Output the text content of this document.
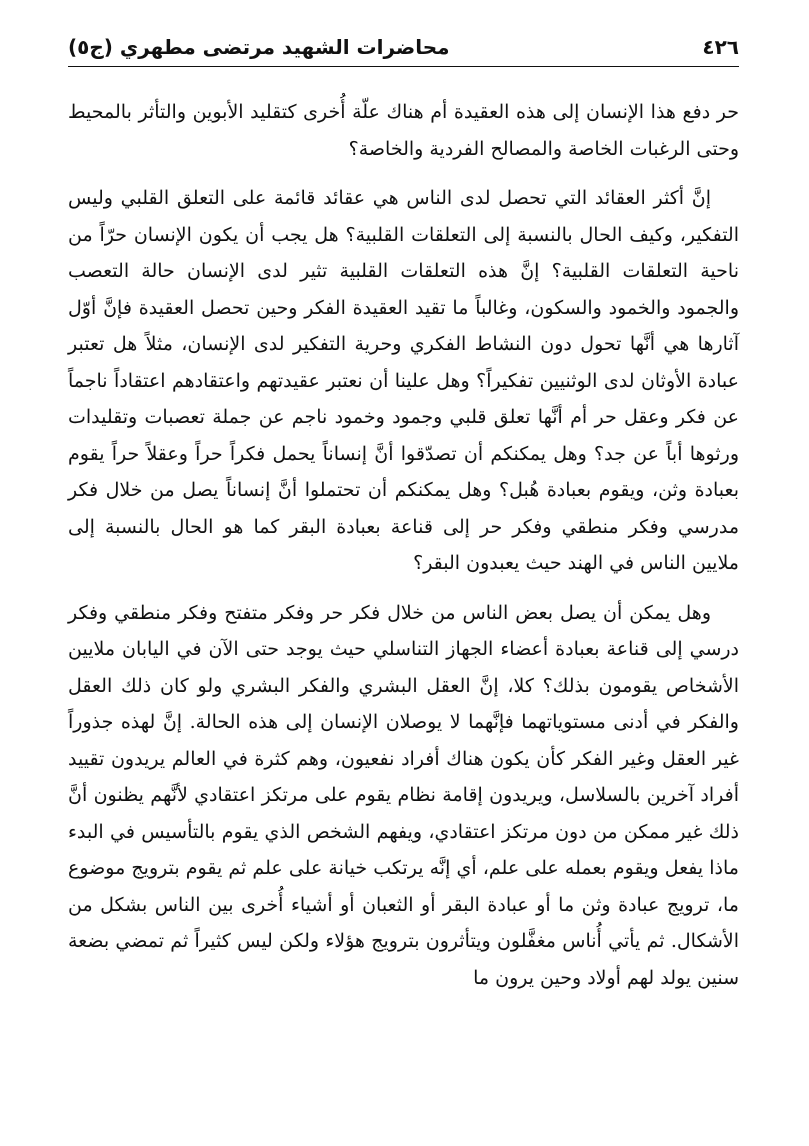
٤٢٦
محاضرات الشهيد مرتضى مطهري (ج٥)

حر دفع هذا الإنسان إلى هذه العقيدة أم هناك علّة أُخرى كتقليد الأبوين والتأثر بالمحيط وحتى الرغبات الخاصة والمصالح الفردية والخاصة؟

إنَّ أكثر العقائد التي تحصل لدى الناس هي عقائد قائمة على التعلق القلبي وليس التفكير، وكيف الحال بالنسبة إلى التعلقات القلبية؟ هل يجب أن يكون الإنسان حرّاً من ناحية التعلقات القلبية؟ إنَّ هذه التعلقات القلبية تثير لدى الإنسان حالة التعصب والجمود والخمود والسكون، وغالباً ما تقيد العقيدة الفكر وحين تحصل العقيدة فإنَّ أوّل آثارها هي أنَّها تحول دون النشاط الفكري وحرية التفكير لدى الإنسان، مثلاً هل تعتبر عبادة الأوثان لدى الوثنيين تفكيراً؟ وهل علينا أن نعتبر عقيدتهم واعتقادهم اعتقاداً ناجماً عن فكر وعقل حر أم أنَّها تعلق قلبي وجمود وخمود ناجم عن جملة تعصبات وتقليدات ورثوها أباً عن جد؟ وهل يمكنكم أن تصدّقوا أنَّ إنساناً يحمل فكراً حراً وعقلاً حراً يقوم بعبادة وثن، ويقوم بعبادة هُبل؟ وهل يمكنكم أن تحتملوا أنَّ إنساناً يصل من خلال فكر مدرسي وفكر منطقي وفكر حر إلى قناعة بعبادة البقر كما هو الحال بالنسبة إلى ملايين الناس في الهند حيث يعبدون البقر؟

وهل يمكن أن يصل بعض الناس من خلال فكر حر وفكر متفتح وفكر منطقي وفكر درسي إلى قناعة بعبادة أعضاء الجهاز التناسلي حيث يوجد حتى الآن في اليابان ملايين الأشخاص يقومون بذلك؟ كلا، إنَّ العقل البشري والفكر البشري ولو كان ذلك العقل والفكر في أدنى مستوياتهما فإنَّهما لا يوصلان الإنسان إلى هذه الحالة. إنَّ لهذه جذوراً غير العقل وغير الفكر كأن يكون هناك أفراد نفعيون، وهم كثرة في العالم يريدون تقييد أفراد آخرين بالسلاسل، ويريدون إقامة نظام يقوم على مرتكز اعتقادي لأنَّهم يظنون أنَّ ذلك غير ممكن من دون مرتكز اعتقادي، ويفهم الشخص الذي يقوم بالتأسيس في البدء ماذا يفعل ويقوم بعمله على علم، أي إنَّه يرتكب خيانة على علم ثم يقوم بترويج موضوع ما، ترويج عبادة وثن ما أو عبادة البقر أو الثعبان أو أشياء أُخرى بين الناس بشكل من الأشكال. ثم يأتي أُناس مغفَّلون ويتأثرون بترويج هؤلاء ولكن ليس كثيراً ثم تمضي بضعة سنين يولد لهم أولاد وحين يرون ما
